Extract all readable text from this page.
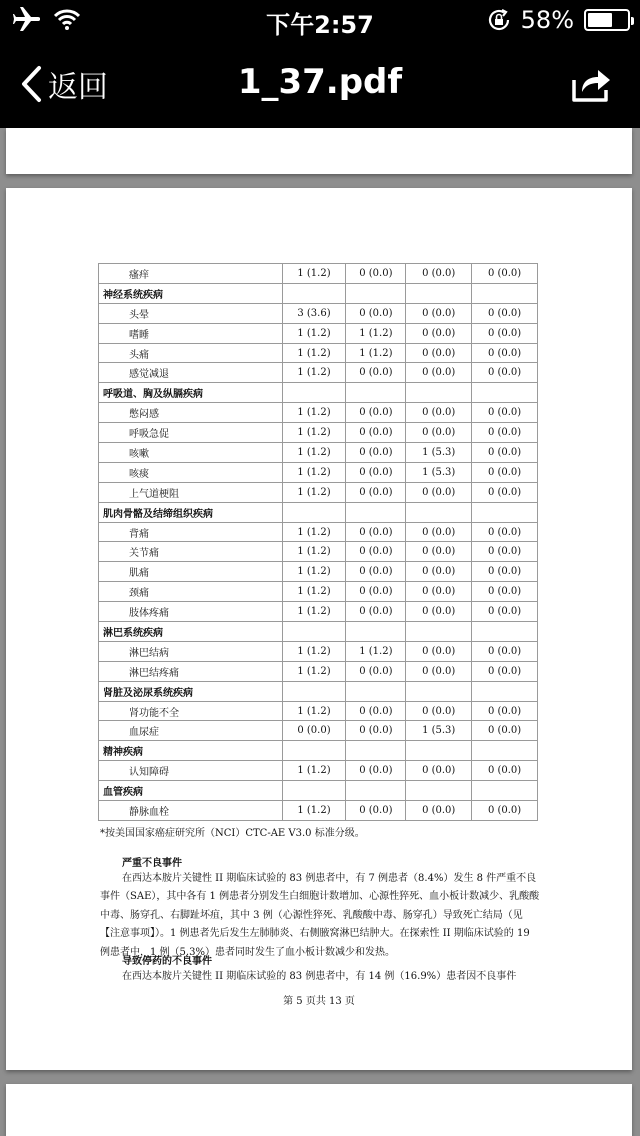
下午2:57	58%
返回	1_37.pdf
瘙痒	1 (1.2)	0 (0.0)	0 (0.0)	0 (0.0)
神经系统疾病				
头晕	3 (3.6)	0 (0.0)	0 (0.0)	0 (0.0)
嗜睡	1 (1.2)	1 (1.2)	0 (0.0)	0 (0.0)
头痛	1 (1.2)	1 (1.2)	0 (0.0)	0 (0.0)
感觉减退	1 (1.2)	0 (0.0)	0 (0.0)	0 (0.0)
呼吸道、胸及纵膈疾病				
憋闷感	1 (1.2)	0 (0.0)	0 (0.0)	0 (0.0)
呼吸急促	1 (1.2)	0 (0.0)	0 (0.0)	0 (0.0)
咳嗽	1 (1.2)	0 (0.0)	1 (5.3)	0 (0.0)
咳痰	1 (1.2)	0 (0.0)	1 (5.3)	0 (0.0)
上气道梗阻	1 (1.2)	0 (0.0)	0 (0.0)	0 (0.0)
肌肉骨骼及结缔组织疾病				
背痛	1 (1.2)	0 (0.0)	0 (0.0)	0 (0.0)
关节痛	1 (1.2)	0 (0.0)	0 (0.0)	0 (0.0)
肌痛	1 (1.2)	0 (0.0)	0 (0.0)	0 (0.0)
颈痛	1 (1.2)	0 (0.0)	0 (0.0)	0 (0.0)
肢体疼痛	1 (1.2)	0 (0.0)	0 (0.0)	0 (0.0)
淋巴系统疾病				
淋巴结病	1 (1.2)	1 (1.2)	0 (0.0)	0 (0.0)
淋巴结疼痛	1 (1.2)	0 (0.0)	0 (0.0)	0 (0.0)
肾脏及泌尿系统疾病				
肾功能不全	1 (1.2)	0 (0.0)	0 (0.0)	0 (0.0)
血尿症	0 (0.0)	0 (0.0)	1 (5.3)	0 (0.0)
精神疾病				
认知障碍	1 (1.2)	0 (0.0)	0 (0.0)	0 (0.0)
血管疾病				
静脉血栓	1 (1.2)	0 (0.0)	0 (0.0)	0 (0.0)
*按美国国家癌症研究所（NCI）CTC-AE V3.0 标准分级。
严重不良事件
在西达本胺片关键性 II 期临床试验的 83 例患者中，有 7 例患者（8.4%）发生 8 件严重不良事件（SAE），其中各有 1 例患者分别发生白细胞计数增加、心源性猝死、血小板计数减少、乳酸酸中毒、肠穿孔、右脚趾坏疽，其中 3 例（心源性猝死、乳酸酸中毒、肠穿孔）导致死亡结局（见【注意事项】）。1 例患者先后发生左肺肺炎、右侧腋窝淋巴结肿大。在探索性 II 期临床试验的 19 例患者中，1 例（5.3%）患者同时发生了血小板计数减少和发热。
导致停药的不良事件
在西达本胺片关键性 II 期临床试验的 83 例患者中，有 14 例（16.9%）患者因不良事件
第 5 页共 13 页
